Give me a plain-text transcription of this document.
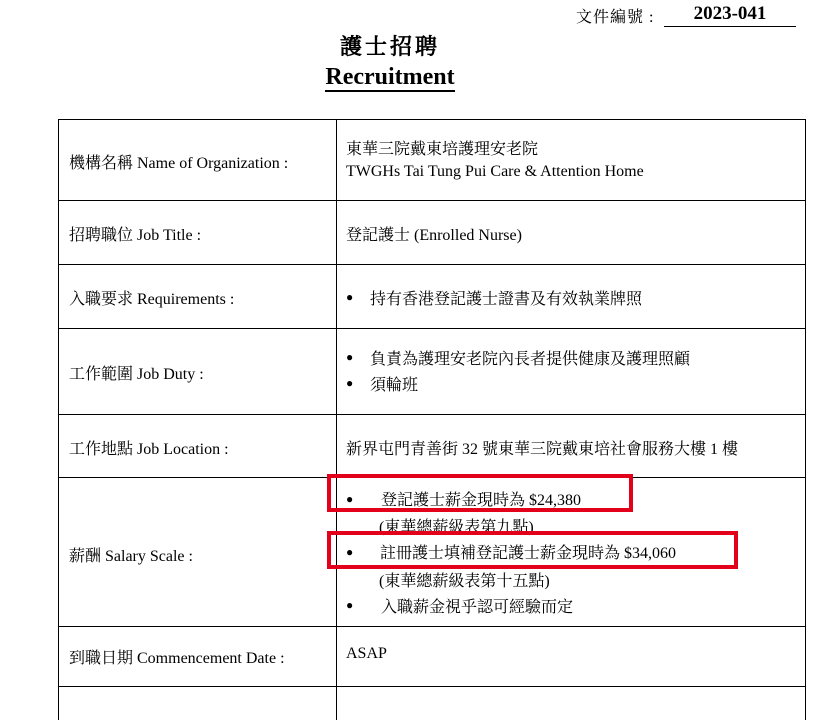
文件編號 :	2023-041
護士招聘
Recruitment
機構名稱 Name of Organization :
東華三院戴東培護理安老院
TWGHs Tai Tung Pui Care & Attention Home
招聘職位 Job Title :	登記護士 (Enrolled Nurse)
入職要求 Requirements :	● 持有香港登記護士證書及有效執業牌照
工作範圍 Job Duty :
● 負責為護理安老院內長者提供健康及護理照顧
● 須輪班
工作地點 Job Location :	新界屯門青善街 32 號東華三院戴東培社會服務大樓 1 樓
薪酬 Salary Scale :
● 登記護士薪金現時為 $24,380
(東華總薪級表第九點)
● 註冊護士填補登記護士薪金現時為 $34,060
(東華總薪級表第十五點)
● 入職薪金視乎認可經驗而定
到職日期 Commencement Date :	ASAP
